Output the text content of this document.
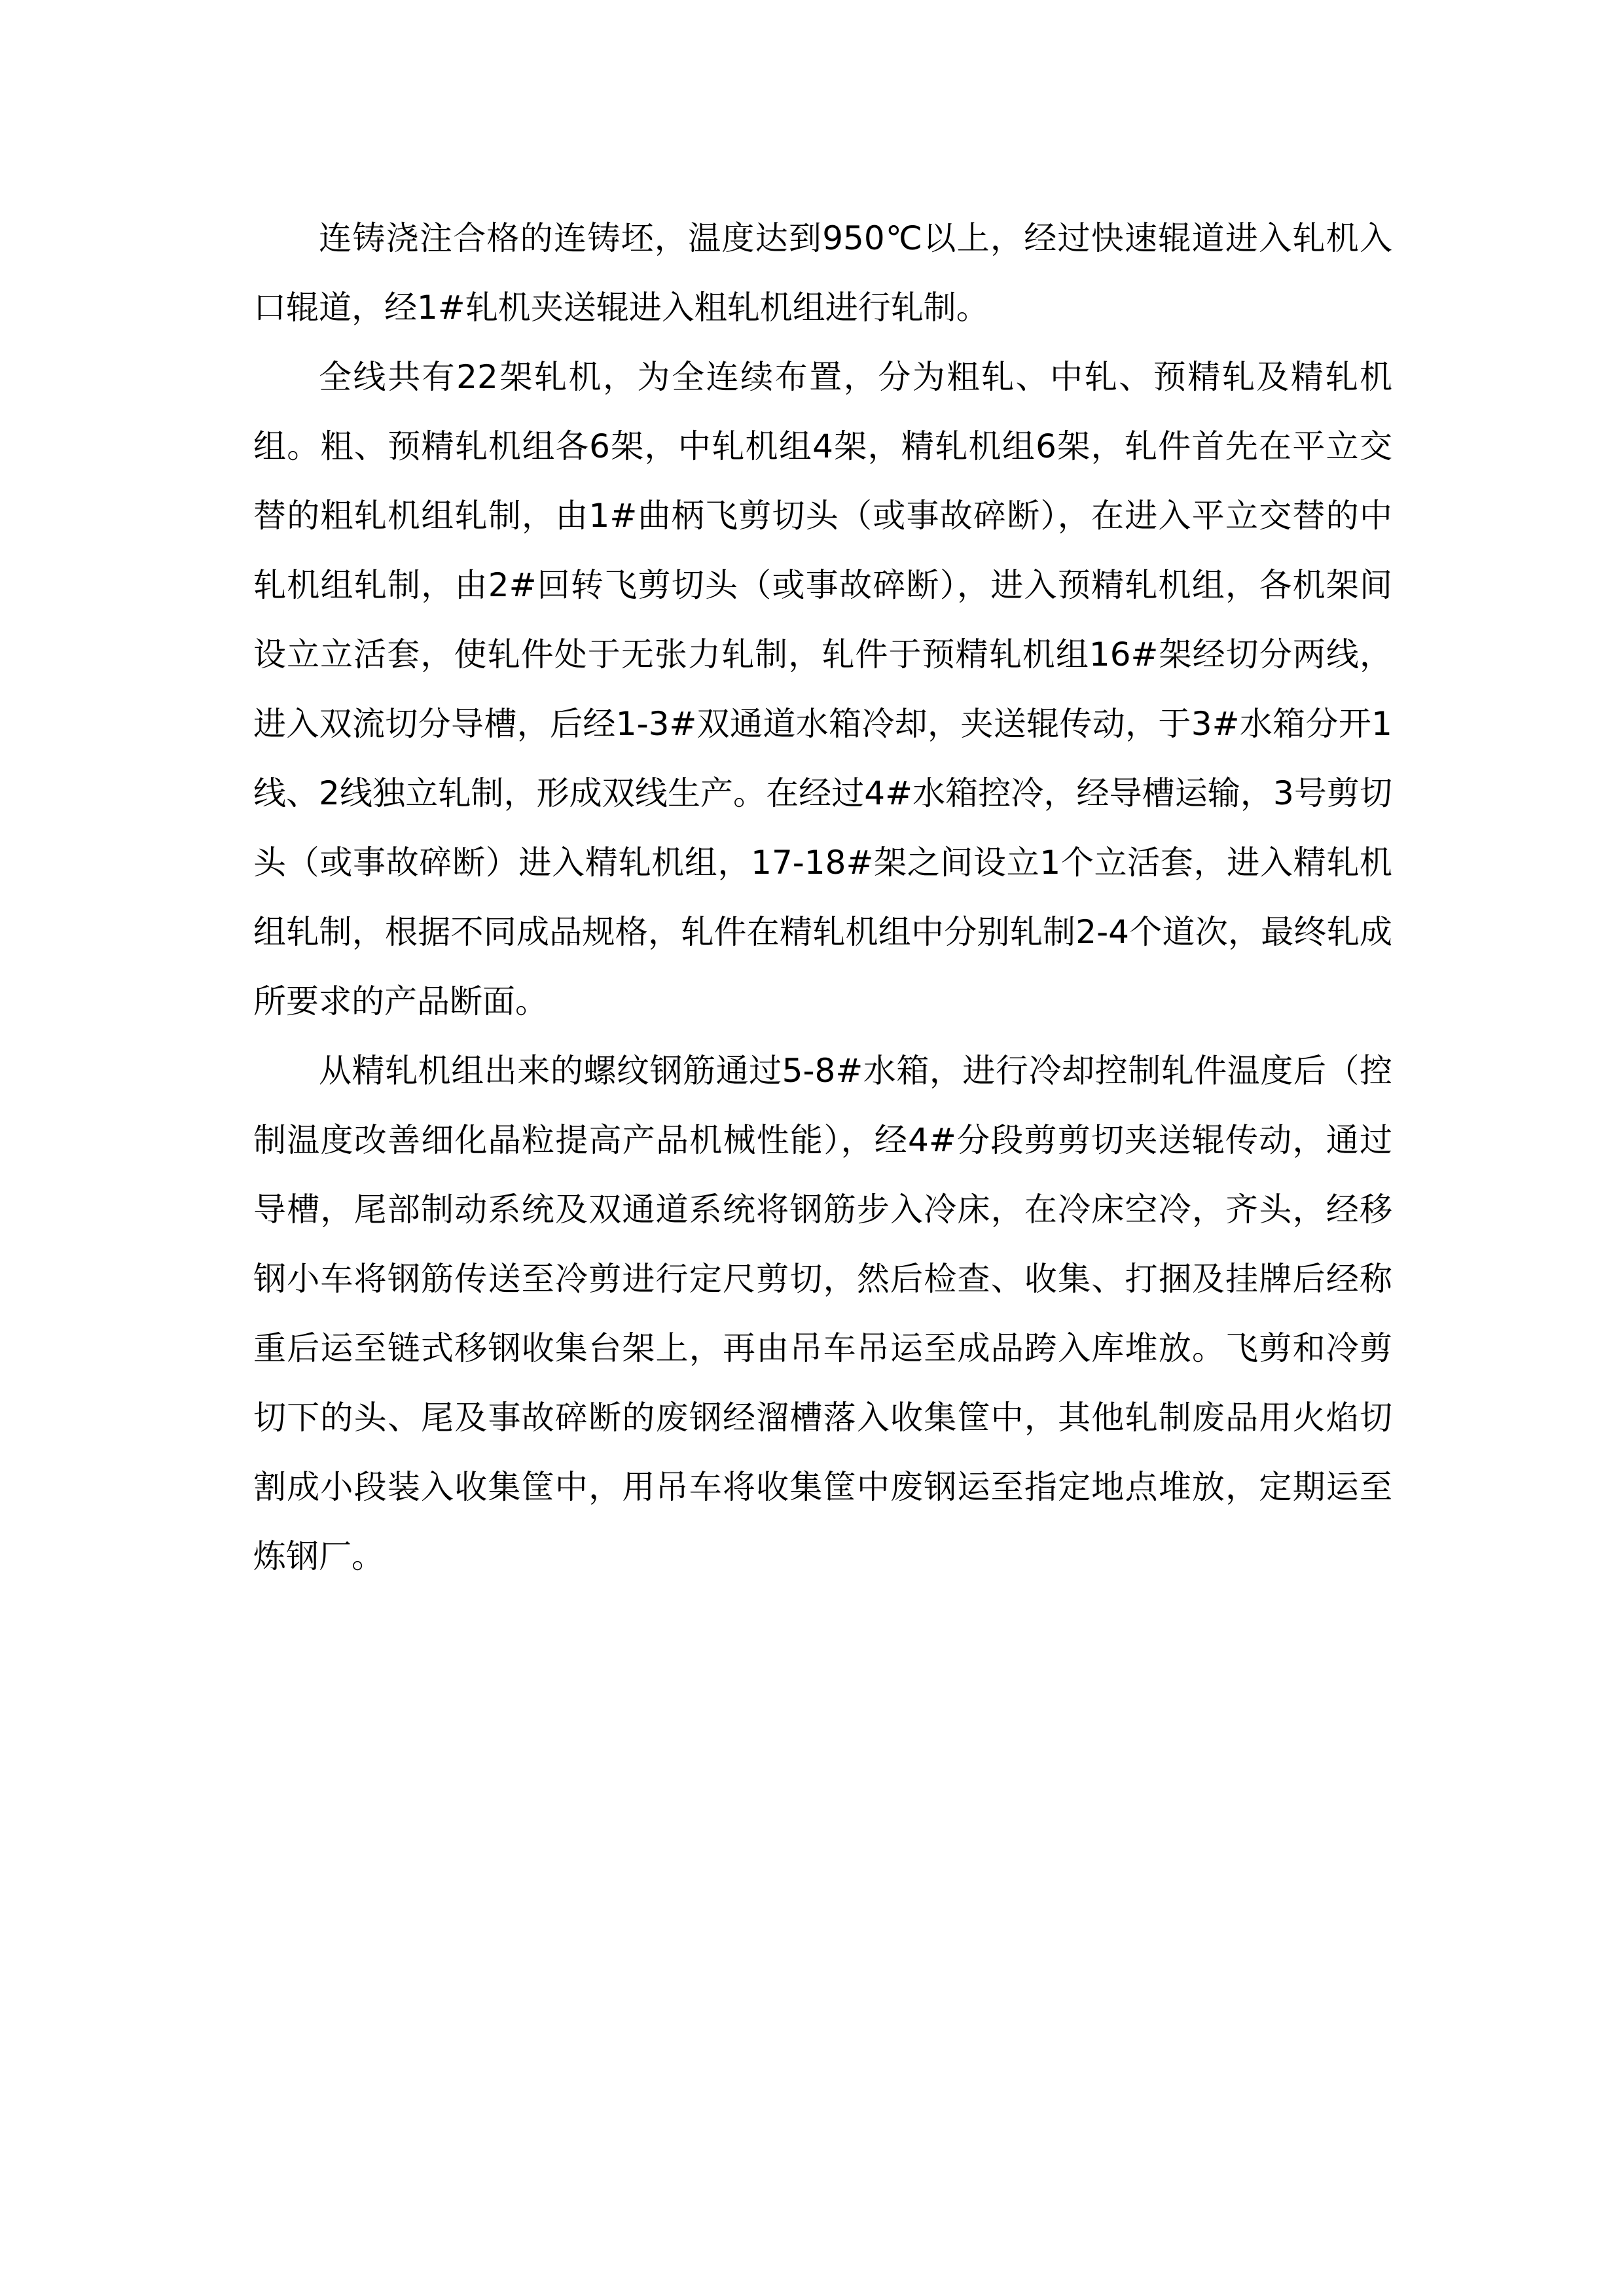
连铸浇注合格的连铸坯，温度达到950℃以上，经过快速辊道进入轧机入口辊道，经1#轧机夹送辊进入粗轧机组进行轧制。

全线共有22架轧机，为全连续布置，分为粗轧、中轧、预精轧及精轧机组。粗、预精轧机组各6架，中轧机组4架，精轧机组6架，轧件首先在平立交替的粗轧机组轧制，由1#曲柄飞剪切头（或事故碎断），在进入平立交替的中轧机组轧制，由2#回转飞剪切头（或事故碎断），进入预精轧机组，各机架间设立立活套，使轧件处于无张力轧制，轧件于预精轧机组16#架经切分两线，进入双流切分导槽，后经1-3#双通道水箱冷却，夹送辊传动，于3#水箱分开1线、2线独立轧制，形成双线生产。在经过4#水箱控冷，经导槽运输，3号剪切头（或事故碎断）进入精轧机组，17-18#架之间设立1个立活套，进入精轧机组轧制，根据不同成品规格，轧件在精轧机组中分别轧制2-4个道次，最终轧成所要求的产品断面。

从精轧机组出来的螺纹钢筋通过5-8#水箱，进行冷却控制轧件温度后（控制温度改善细化晶粒提高产品机械性能），经4#分段剪剪切夹送辊传动，通过导槽，尾部制动系统及双通道系统将钢筋步入冷床，在冷床空冷，齐头，经移钢小车将钢筋传送至冷剪进行定尺剪切，然后检查、收集、打捆及挂牌后经称重后运至链式移钢收集台架上，再由吊车吊运至成品跨入库堆放。飞剪和冷剪切下的头、尾及事故碎断的废钢经溜槽落入收集筐中，其他轧制废品用火焰切割成小段装入收集筐中，用吊车将收集筐中废钢运至指定地点堆放，定期运至炼钢厂。
